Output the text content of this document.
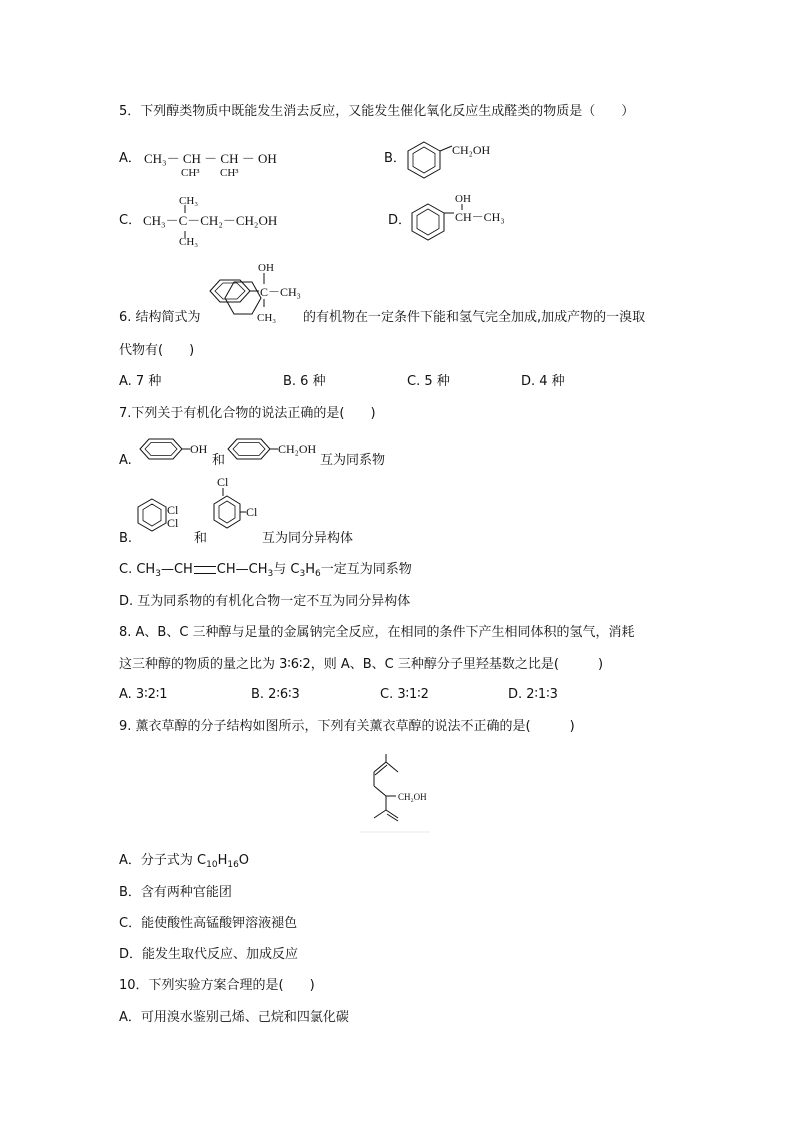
5．下列醇类物质中既能发生消去反应，又能发生催化氧化反应生成醛类的物质是（　　）
A． CH₃－ CH － CH － OH
CH³ CH³
B．
CH₂OH
C．
CH₃
CH₃－C－CH₂－CH₂OH
CH₃
D．
OH
CH－CH₃
OH
C－CH₃
CH₃
6. 结构简式为	的有机物在一定条件下能和氢气完全加成,加成产物的一溴取
代物有(　　)
A. 7 种	B. 6 种	C. 5 种	D. 4 种
7.下列关于有机化合物的说法正确的是(　　)
A.
OH
和
CH₂OH
互为同系物
B.
Cl
Cl
和
Cl
Cl
互为同分异构体
C. $CH_3—CH$ $CH—CH_3$与 $C_3H_6$一定互为同系物
D. 互为同系物的有机化合物一定不互为同分异构体
8. A、B、C 三种醇与足量的金属钠完全反应，在相同的条件下产生相同体积的氢气，消耗
这三种醇的物质的量之比为 3∶6∶2，则 A、B、C 三种醇分子里羟基数之比是(　　　)
A. 3∶2∶1	B. 2∶6∶3	C. 3∶1∶2	D. 2∶1∶3
9. 薰衣草醇的分子结构如图所示，下列有关薰衣草醇的说法不正确的是(　　　)
CH₂OH
A．分子式为 $C_{10}H_{16}O$
B．含有两种官能团
C．能使酸性高锰酸钾溶液褪色
D．能发生取代反应、加成反应
10．下列实验方案合理的是(　　)
A．可用溴水鉴别己烯、己烷和四氯化碳
